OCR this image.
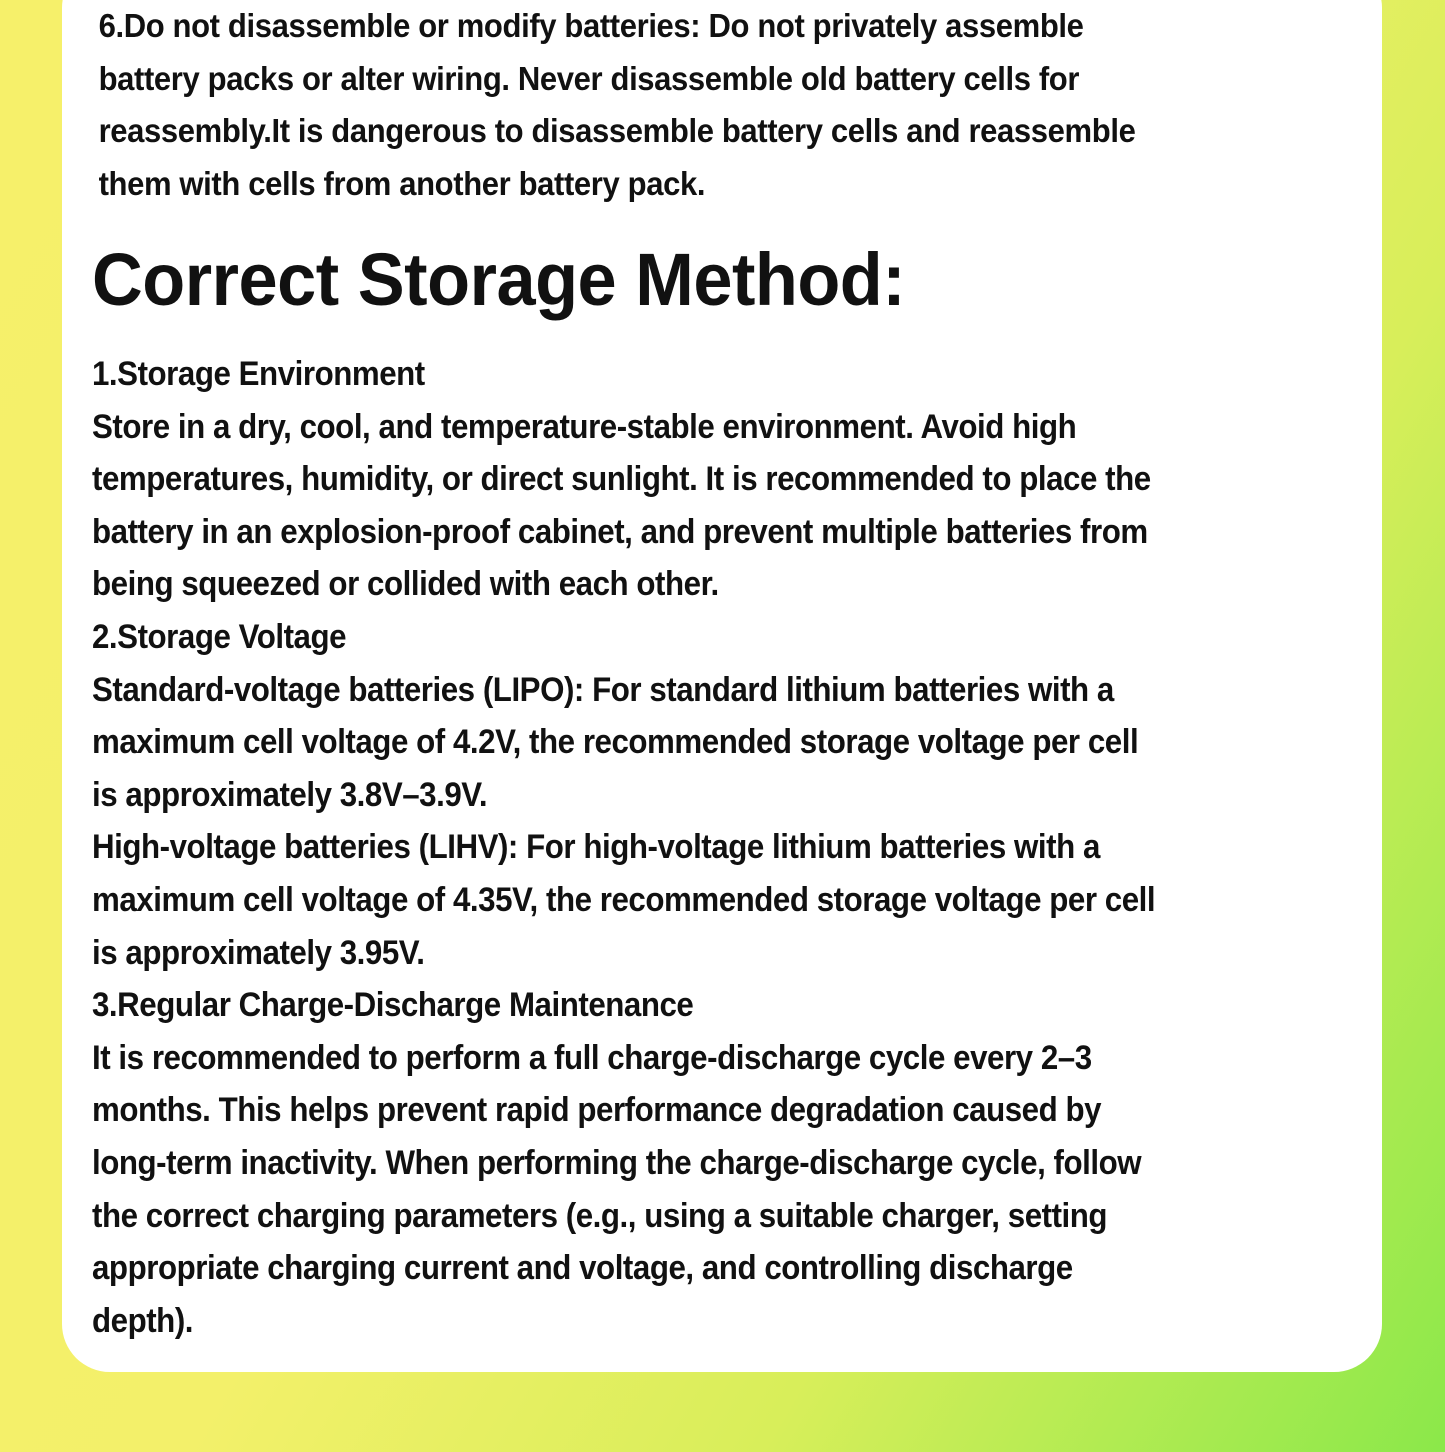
6.Do not disassemble or modify batteries: Do not privately assemble
battery packs or alter wiring. Never disassemble old battery cells for
reassembly.It is dangerous to disassemble battery cells and reassemble
them with cells from another battery pack.
Correct Storage Method:
1.Storage Environment
Store in a dry, cool, and temperature-stable environment. Avoid high
temperatures, humidity, or direct sunlight. It is recommended to place the
battery in an explosion-proof cabinet, and prevent multiple batteries from
being squeezed or collided with each other.
2.Storage Voltage
Standard-voltage batteries (LIPO): For standard lithium batteries with a
maximum cell voltage of 4.2V, the recommended storage voltage per cell
is approximately 3.8V–3.9V.
High-voltage batteries (LIHV): For high-voltage lithium batteries with a
maximum cell voltage of 4.35V, the recommended storage voltage per cell
is approximately 3.95V.
3.Regular Charge-Discharge Maintenance
It is recommended to perform a full charge-discharge cycle every 2–3
months. This helps prevent rapid performance degradation caused by
long-term inactivity. When performing the charge-discharge cycle, follow
the correct charging parameters (e.g., using a suitable charger, setting
appropriate charging current and voltage, and controlling discharge
depth).
